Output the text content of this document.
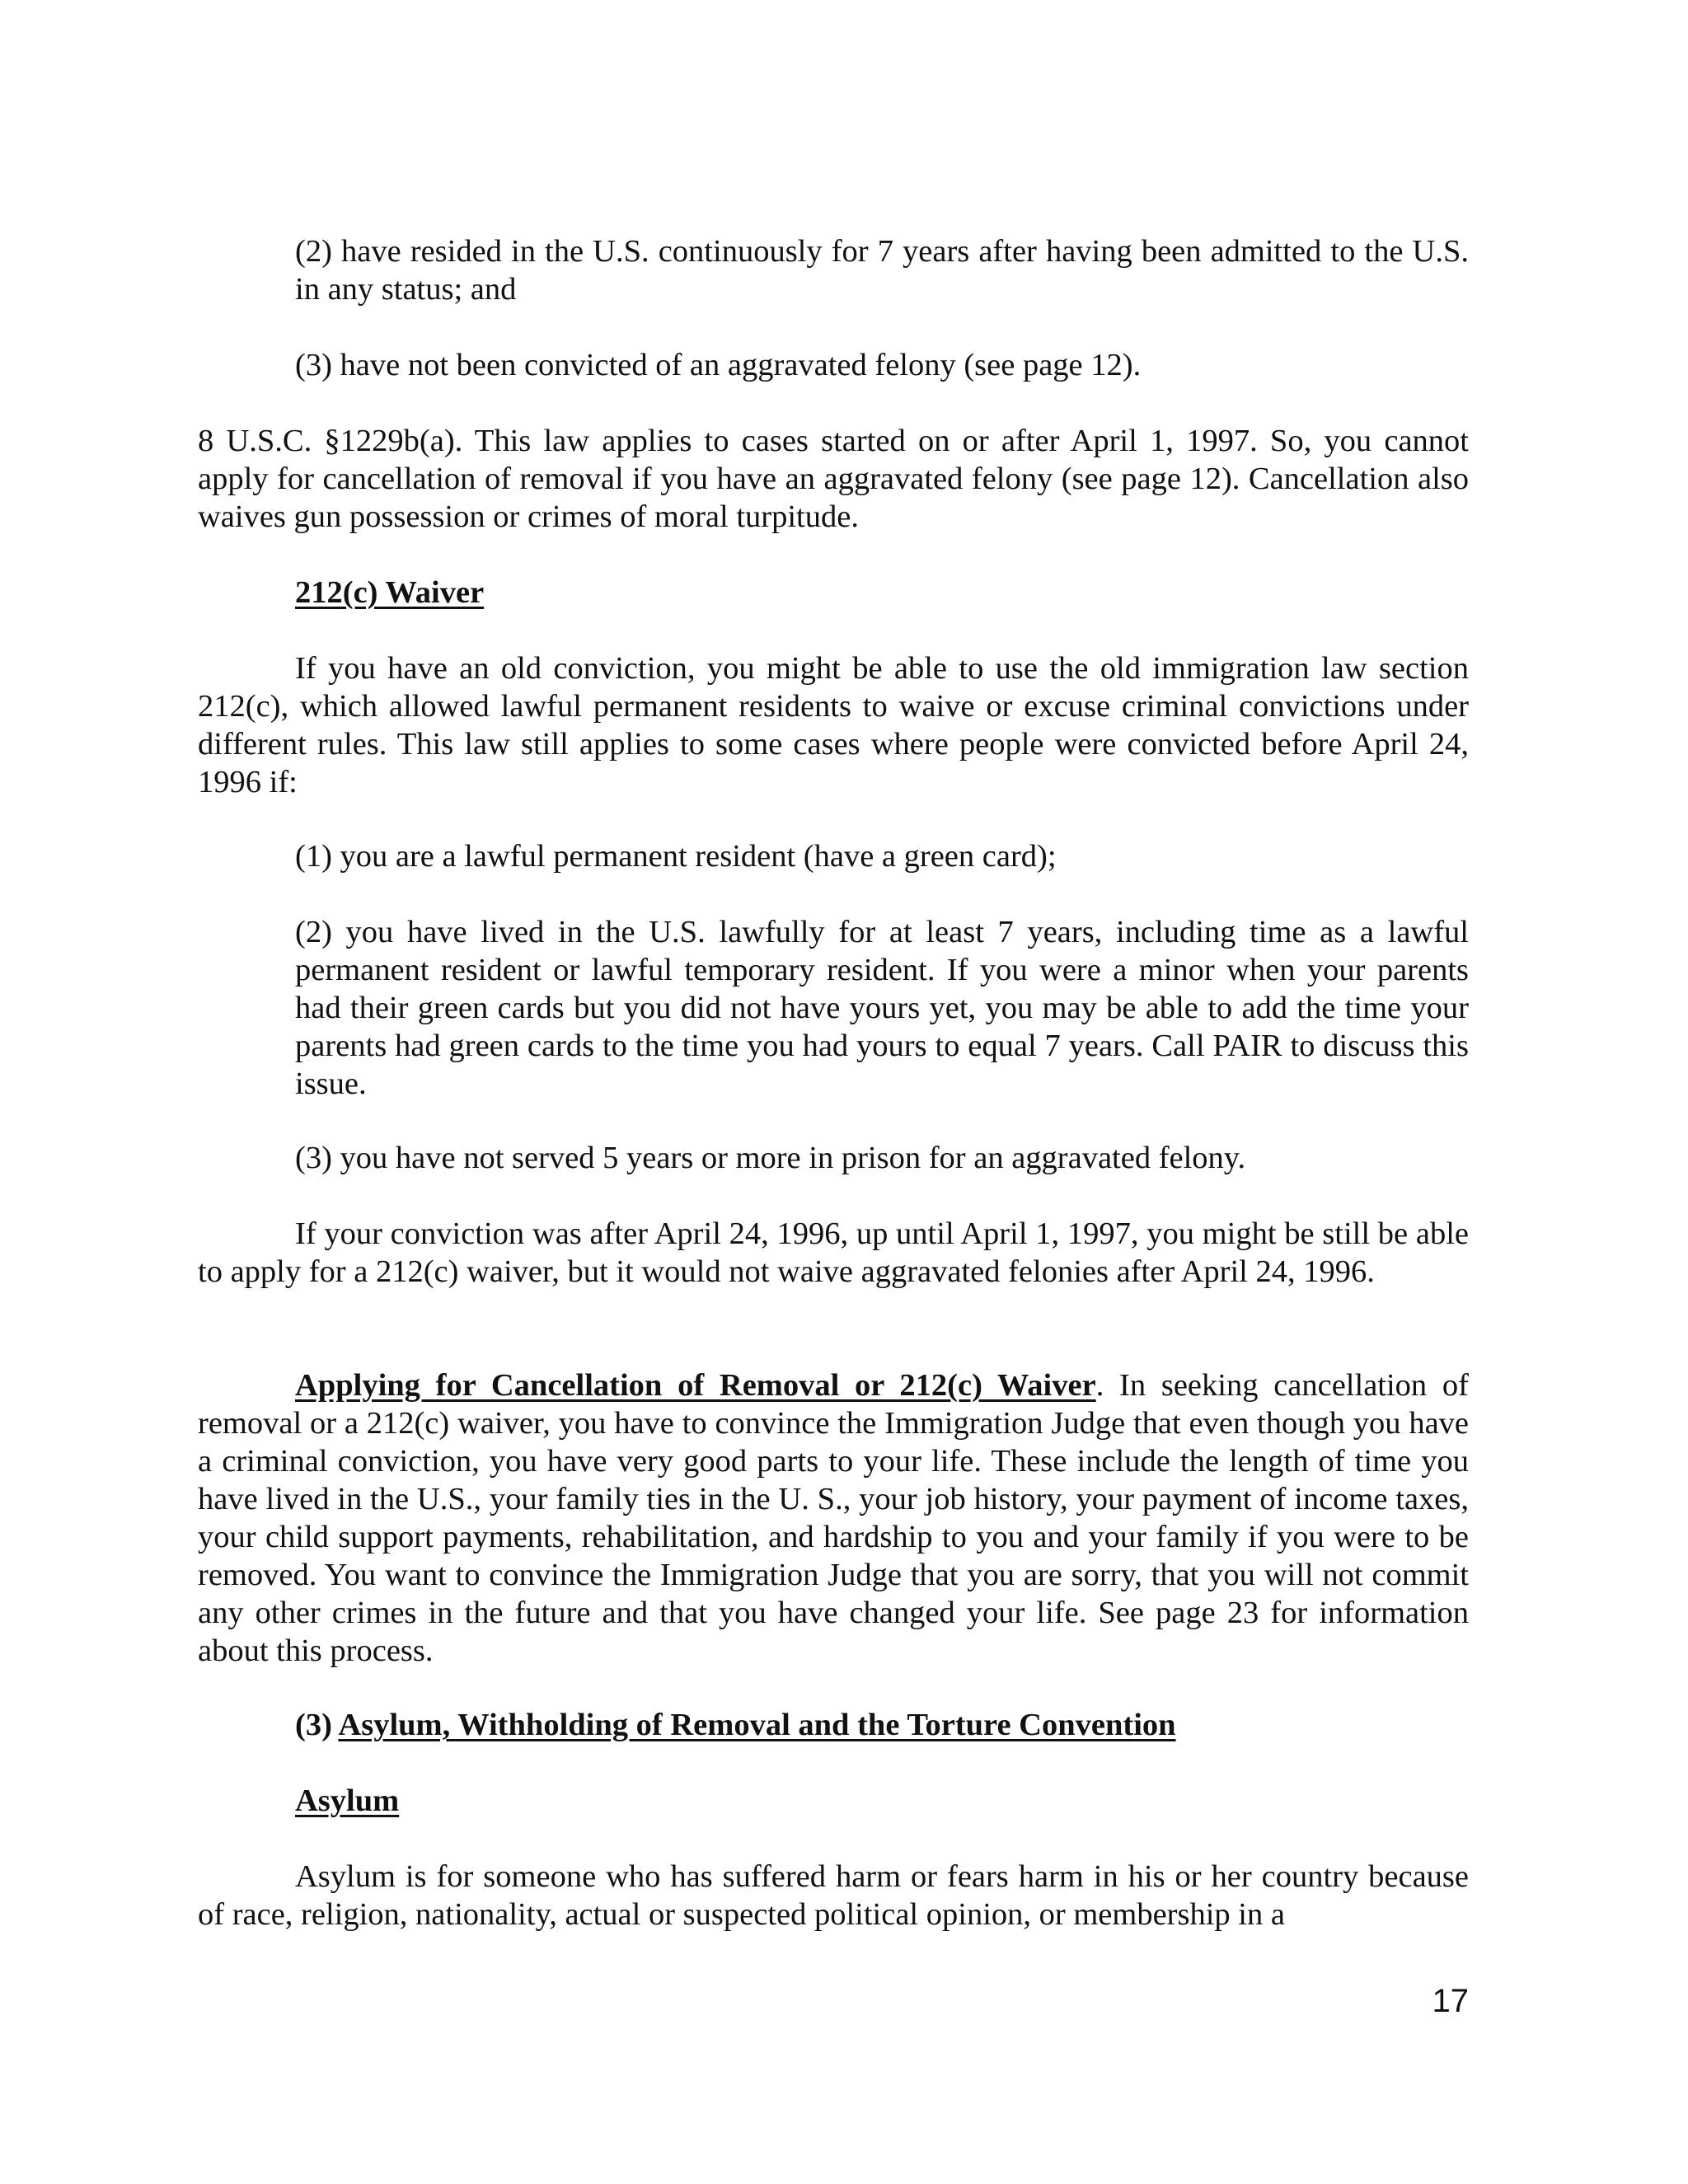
(2) have resided in the U.S. continuously for 7 years after having been admitted to the U.S. in any status; and

(3) have not been convicted of an aggravated felony (see page 12).

8 U.S.C. §1229b(a). This law applies to cases started on or after April 1, 1997. So, you cannot apply for cancellation of removal if you have an aggravated felony (see page 12). Cancellation also waives gun possession or crimes of moral turpitude.

212(c) Waiver

If you have an old conviction, you might be able to use the old immigration law section 212(c), which allowed lawful permanent residents to waive or excuse criminal convictions under different rules. This law still applies to some cases where people were convicted before April 24, 1996 if:

(1) you are a lawful permanent resident (have a green card);

(2) you have lived in the U.S. lawfully for at least 7 years, including time as a lawful permanent resident or lawful temporary resident. If you were a minor when your parents had their green cards but you did not have yours yet, you may be able to add the time your parents had green cards to the time you had yours to equal 7 years. Call PAIR to discuss this issue.

(3) you have not served 5 years or more in prison for an aggravated felony.

If your conviction was after April 24, 1996, up until April 1, 1997, you might be still be able to apply for a 212(c) waiver, but it would not waive aggravated felonies after April 24, 1996.

Applying for Cancellation of Removal or 212(c) Waiver. In seeking cancellation of removal or a 212(c) waiver, you have to convince the Immigration Judge that even though you have a criminal conviction, you have very good parts to your life. These include the length of time you have lived in the U.S., your family ties in the U. S., your job history, your payment of income taxes, your child support payments, rehabilitation, and hardship to you and your family if you were to be removed. You want to convince the Immigration Judge that you are sorry, that you will not commit any other crimes in the future and that you have changed your life. See page 23 for information about this process.

(3) Asylum, Withholding of Removal and the Torture Convention

Asylum

Asylum is for someone who has suffered harm or fears harm in his or her country because of race, religion, nationality, actual or suspected political opinion, or membership in a

17
